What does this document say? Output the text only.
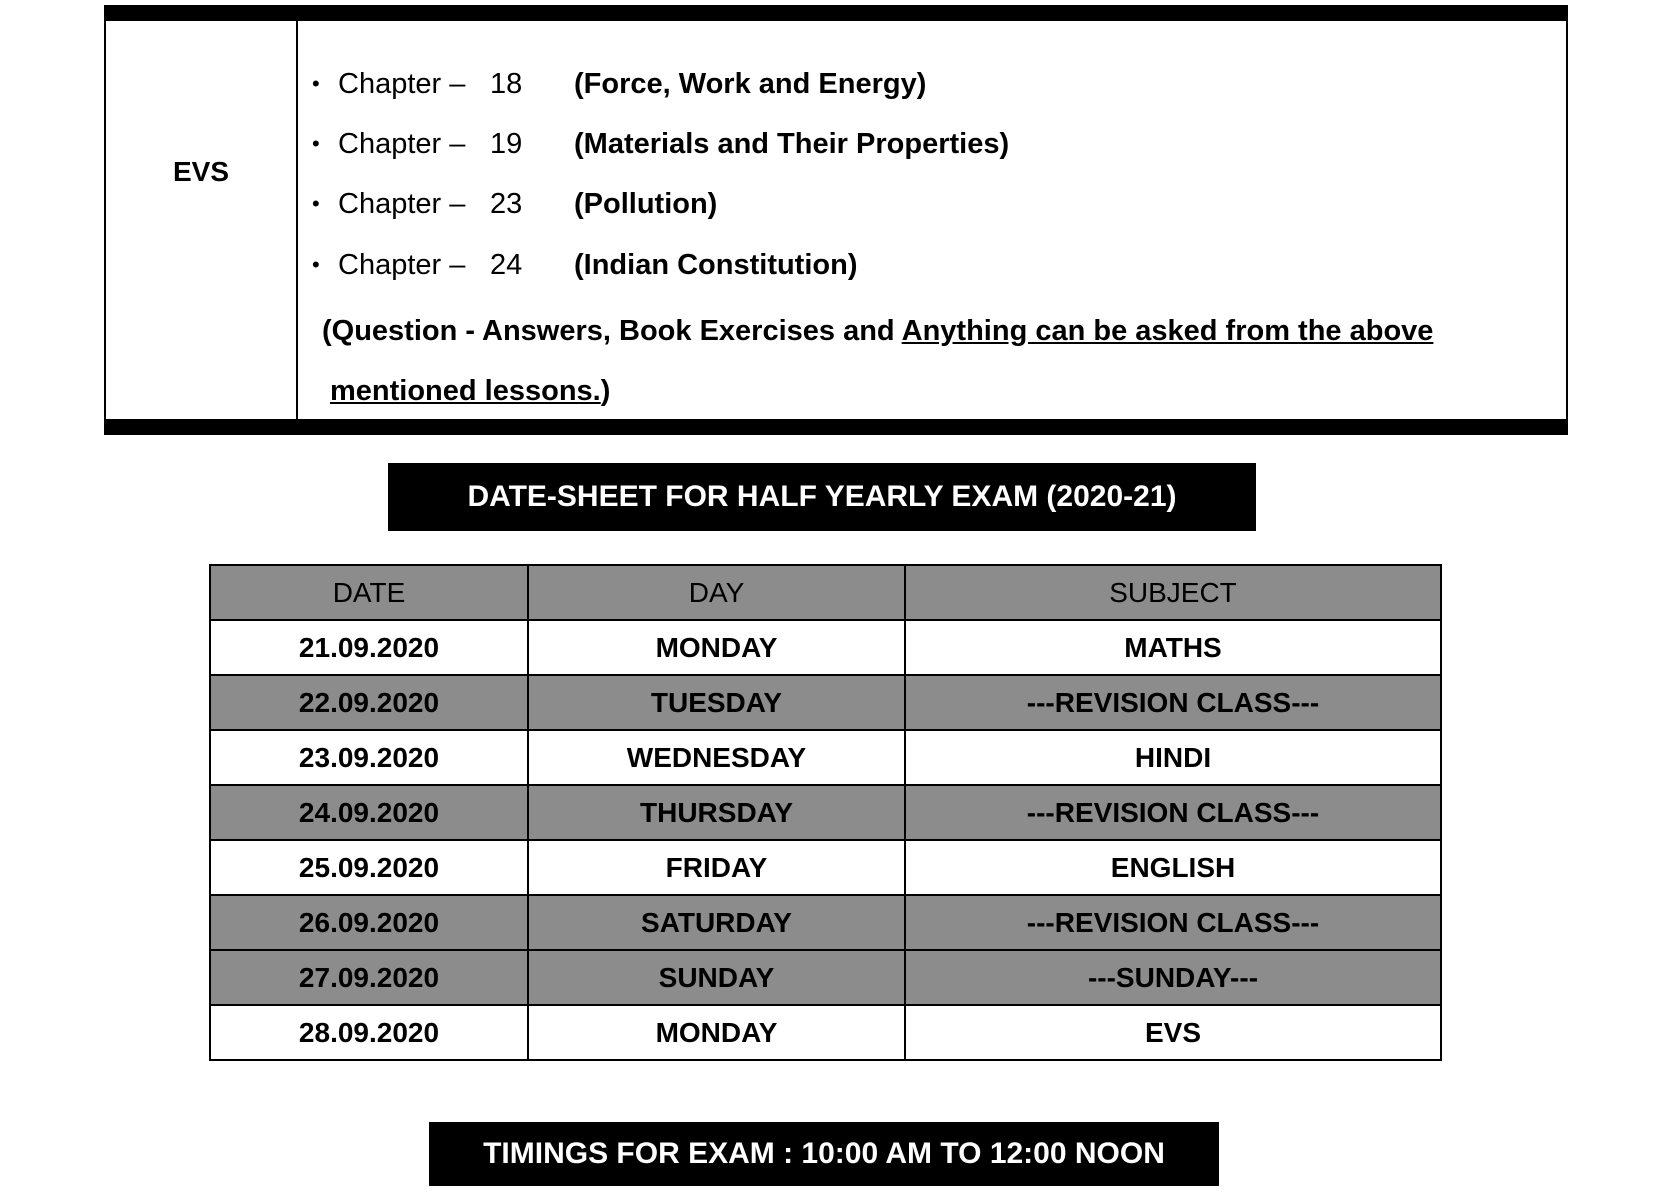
EVS
• Chapter – 18 (Force, Work and Energy)
• Chapter – 19 (Materials and Their Properties)
• Chapter – 23 (Pollution)
• Chapter – 24 (Indian Constitution)
(Question - Answers, Book Exercises and Anything can be asked from the above
mentioned lessons.)
DATE-SHEET FOR HALF YEARLY EXAM (2020-21)
DATE	DAY	SUBJECT
21.09.2020	MONDAY	MATHS
22.09.2020	TUESDAY	---REVISION CLASS---
23.09.2020	WEDNESDAY	HINDI
24.09.2020	THURSDAY	---REVISION CLASS---
25.09.2020	FRIDAY	ENGLISH
26.09.2020	SATURDAY	---REVISION CLASS---
27.09.2020	SUNDAY	---SUNDAY---
28.09.2020	MONDAY	EVS
TIMINGS FOR EXAM : 10:00 AM TO 12:00 NOON
